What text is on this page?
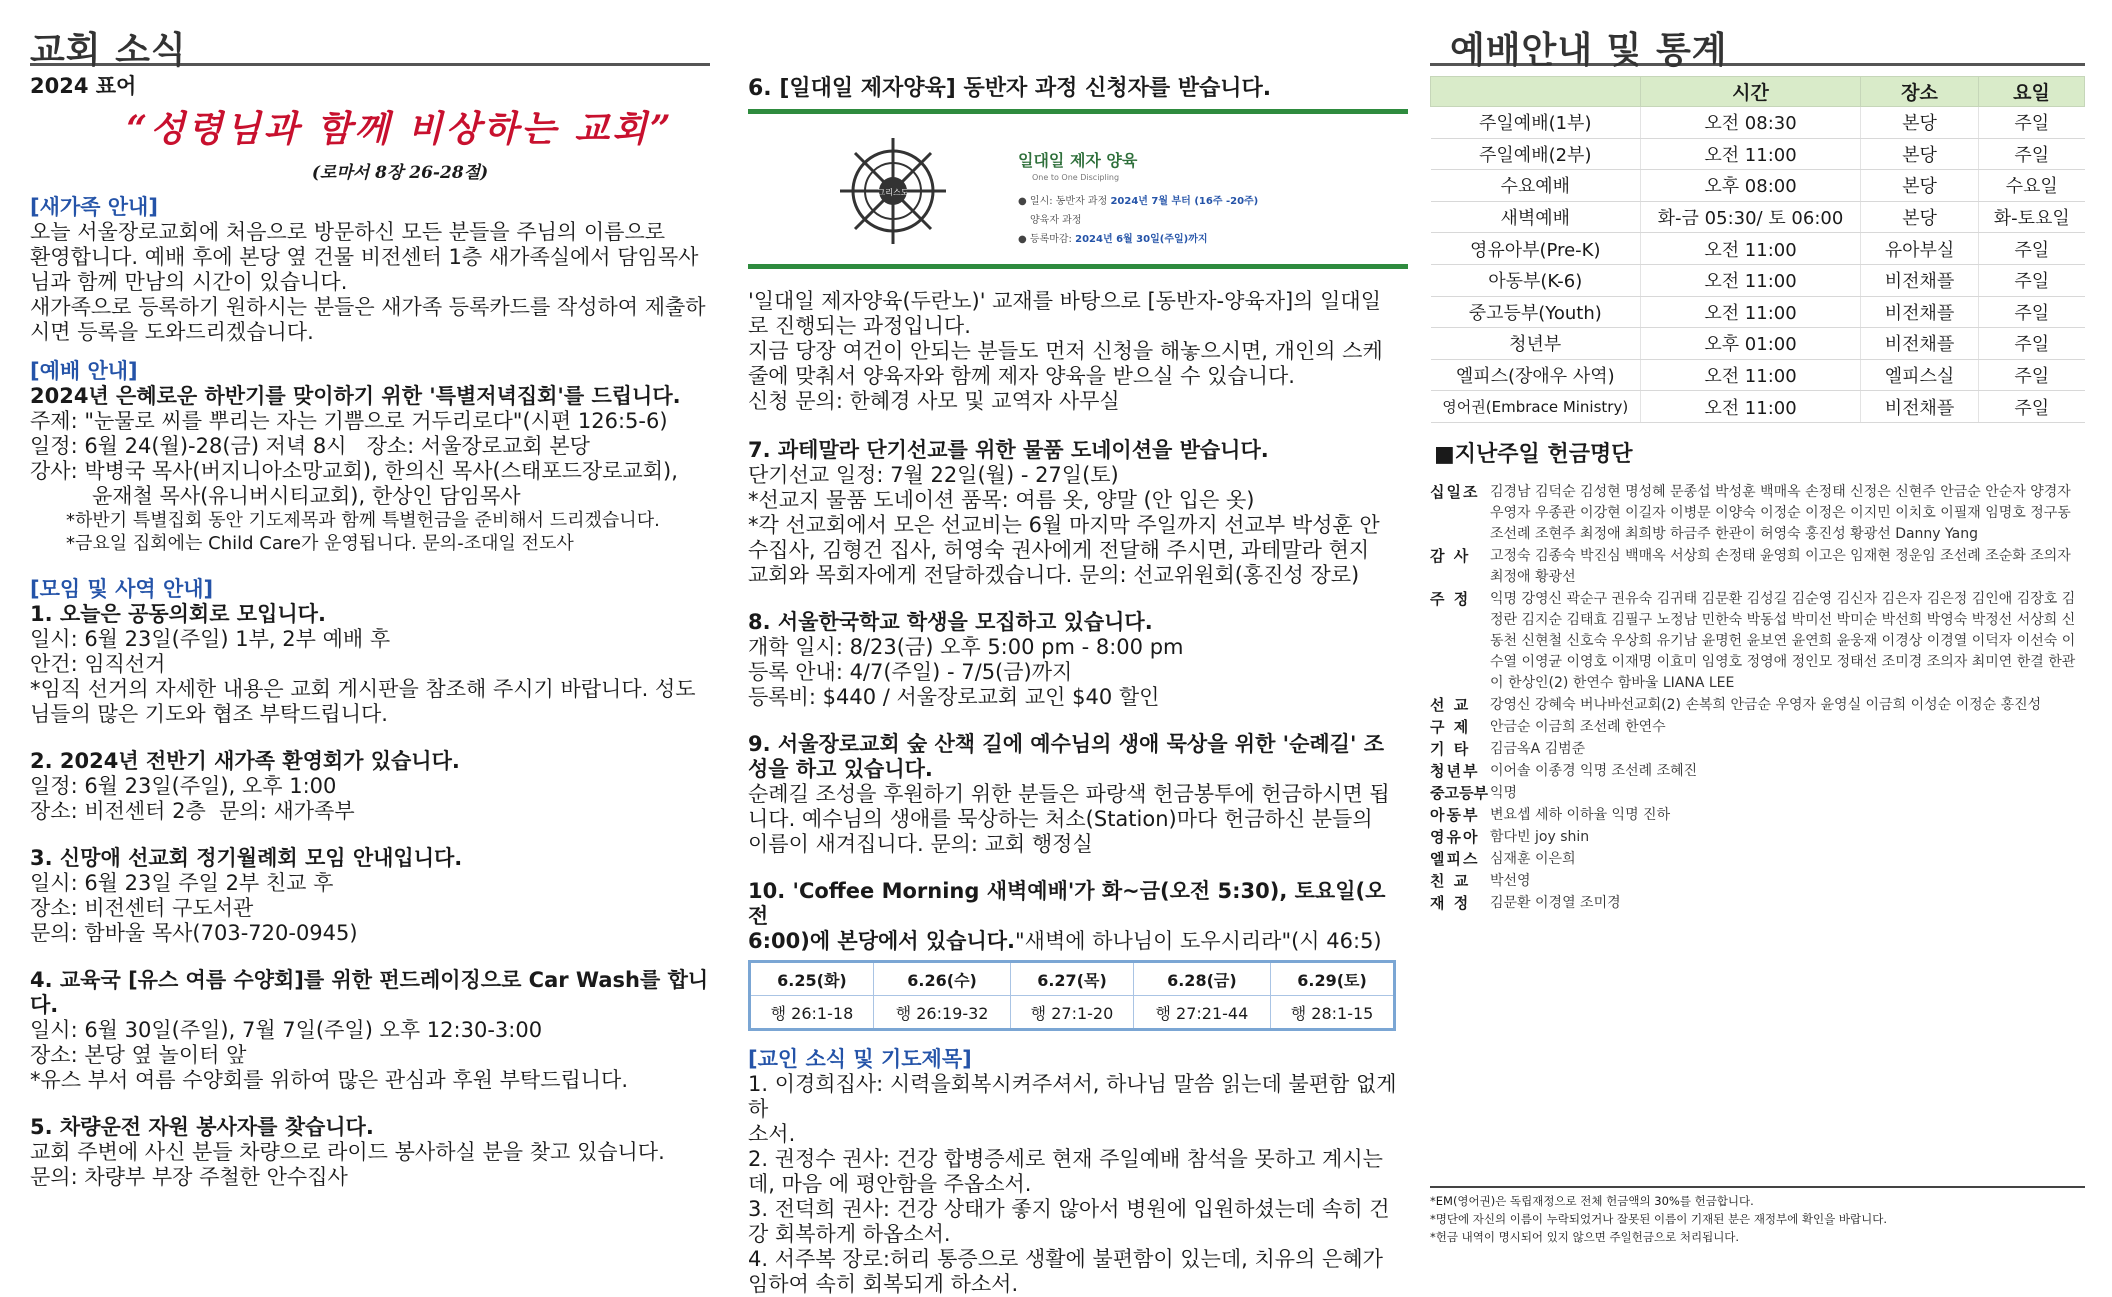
교회 소식
2024 표어
“성령님과 함께 비상하는 교회”
(로마서 8장 26-28절)
[새가족 안내]
오늘 서울장로교회에 처음으로 방문하신 모든 분들을 주님의 이름으로
환영합니다. 예배 후에 본당 옆 건물 비전센터 1층 새가족실에서 담임목사
님과 함께 만남의 시간이 있습니다.
새가족으로 등록하기 원하시는 분들은 새가족 등록카드를 작성하여 제출하
시면 등록을 도와드리겠습니다.
[예배 안내]
2024년 은혜로운 하반기를 맞이하기 위한 '특별저녁집회'를 드립니다.
주제: "눈물로 씨를 뿌리는 자는 기쁨으로 거두리로다"(시편 126:5-6)
일정: 6월 24(월)-28(금) 저녁 8시   장소: 서울장로교회 본당
강사: 박병국 목사(버지니아소망교회), 한의신 목사(스태포드장로교회),
윤재철 목사(유니버시티교회), 한상인 담임목사
*하반기 특별집회 동안 기도제목과 함께 특별헌금을 준비해서 드리겠습니다.
*금요일 집회에는 Child Care가 운영됩니다. 문의-조대일 전도사
[모임 및 사역 안내]
1. 오늘은 공동의회로 모입니다.
일시: 6월 23일(주일) 1부, 2부 예배 후
안건: 임직선거
*임직 선거의 자세한 내용은 교회 게시판을 참조해 주시기 바랍니다. 성도
님들의 많은 기도와 협조 부탁드립니다.
2. 2024년 전반기 새가족 환영회가 있습니다.
일정: 6월 23일(주일), 오후 1:00
장소: 비전센터 2층  문의: 새가족부
3. 신망애 선교회 정기월례회 모임 안내입니다.
일시: 6월 23일 주일 2부 친교 후
장소: 비전센터 구도서관
문의: 함바울 목사(703-720-0945)
4. 교육국 [유스 여름 수양회]를 위한 펀드레이징으로 Car Wash를 합니
다.
일시: 6월 30일(주일), 7월 7일(주일) 오후 12:30-3:00
장소: 본당 옆 놀이터 앞
*유스 부서 여름 수양회를 위하여 많은 관심과 후원 부탁드립니다.
5. 차량운전 자원 봉사자를 찾습니다.
교회 주변에 사신 분들 차량으로 라이드 봉사하실 분을 찾고 있습니다.
문의: 차량부 부장 주철한 안수집사
6. [일대일 제자양육] 동반자 과정 신청자를 받습니다.
그리스도
일대일 제자 양육
One to One Discipling
● 일시: 동반자 과정 2024년 7월 부터 (16주 -20주)
양육자 과정
● 등록마감: 2024년 6월 30일(주일)까지
'일대일 제자양육(두란노)' 교재를 바탕으로 [동반자-양육자]의 일대일
로 진행되는 과정입니다.
지금 당장 여건이 안되는 분들도 먼저 신청을 해놓으시면, 개인의 스케
줄에 맞춰서 양육자와 함께 제자 양육을 받으실 수 있습니다.
신청 문의: 한혜경 사모 및 교역자 사무실
7. 과테말라 단기선교를 위한 물품 도네이션을 받습니다.
단기선교 일정: 7월 22일(월) - 27일(토)
*선교지 물품 도네이션 품목: 여름 옷, 양말 (안 입은 옷)
*각 선교회에서 모은 선교비는 6월 마지막 주일까지 선교부 박성훈 안
수집사, 김형건 집사, 허영숙 권사에게 전달해 주시면, 과테말라 현지
교회와 목회자에게 전달하겠습니다. 문의: 선교위원회(홍진성 장로)
8. 서울한국학교 학생을 모집하고 있습니다.
개학 일시: 8/23(금) 오후 5:00 pm - 8:00 pm
등록 안내: 4/7(주일) - 7/5(금)까지
등록비: $440 / 서울장로교회 교인 $40 할인
9. 서울장로교회 숲 산책 길에 예수님의 생애 묵상을 위한 '순례길' 조
성을 하고 있습니다.
순례길 조성을 후원하기 위한 분들은 파랑색 헌금봉투에 헌금하시면 됩
니다. 예수님의 생애를 묵상하는 처소(Station)마다 헌금하신 분들의
이름이 새겨집니다. 문의: 교회 행정실
10. 'Coffee Morning 새벽예배'가 화~금(오전 5:30), 토요일(오전
6:00)에 본당에서 있습니다."새벽에 하나님이 도우시리라"(시 46:5)
6.25(화)	6.26(수)	6.27(목)	6.28(금)	6.29(토)
행 26:1-18	행 26:19-32	행 27:1-20	행 27:21-44	행 28:1-15
[교인 소식 및 기도제목]
1. 이경희집사: 시력을회복시켜주셔서, 하나님 말씀 읽는데 불편함 없게 하
소서.
2. 권정수 권사: 건강 합병증세로 현재 주일예배 참석을 못하고 계시는
데, 마음 에 평안함을 주옵소서.
3. 전덕희 권사: 건강 상태가 좋지 않아서 병원에 입원하셨는데 속히 건
강 회복하게 하옵소서.
4. 서주복 장로:허리 통증으로 생활에 불편함이 있는데, 치유의 은혜가
임하여 속히 회복되게 하소서.
예배안내 및 통계
	시간	장소	요일
주일예배(1부)	오전 08:30	본당	주일
주일예배(2부)	오전 11:00	본당	주일
수요예배	오후 08:00	본당	수요일
새벽예배	화-금 05:30/ 토 06:00	본당	화-토요일
영유아부(Pre-K)	오전 11:00	유아부실	주일
아동부(K-6)	오전 11:00	비전채플	주일
중고등부(Youth)	오전 11:00	비전채플	주일
청년부	오후 01:00	비전채플	주일
엘피스(장애우 사역)	오전 11:00	엘피스실	주일
영어권(Embrace Ministry)	오전 11:00	비전채플	주일
■지난주일 헌금명단
십일조 김경남 김덕순 김성현 명성혜 문종섭 박성훈 백매옥 손정태 신정은 신현주 안금순 안순자 양경자 우영자 우종관 이강현 이길자 이병문 이양숙 이정순 이정은 이지민 이치호 이필재 임명호 정구동 조선례 조현주 최정애 최희방 하금주 한관이 허영숙 홍진성 황광선 Danny Yang
감 사	고정숙 김종숙 박진심 백매옥 서상희 손정태 윤영희 이고은 임재현 정운임 조선례 조순화 조의자 최정애 황광선
주 정	익명 강영신 곽순구 권유숙 김귀태 김문환 김성길 김순영 김신자 김은자 김은정 김인애 김장호 김정란 김지순 김태효 김필구 노정남 민한숙 박동섭 박미선 박미순 박선희 박영숙 박정선 서상희 신동천 신현철 신호숙 우상희 유기남 윤명헌 윤보연 윤연희 윤웅재 이경상 이경열 이덕자 이선숙 이수열 이영균 이영호 이재명 이효미 임영호 정영애 정인모 정태선 조미경 조의자 최미연 한결 한관이 한상인(2) 한연수 함바울 LIANA LEE
선 교	강영신 강혜숙 버나바선교회(2) 손복희 안금순 우영자 윤영실 이금희 이성순 이정순 홍진성
구 제	안금순 이금희 조선례 한연수
기 타	김금옥A 김범준
청년부 이어솔 이종경 익명 조선례 조혜진
중고등부 익명
아동부 변요셉 세하 이하율 익명 진하
영유아 함다빈 joy shin
엘피스 심재훈 이은희
친 교	박선영
재 정	김문환 이경열 조미경
*EM(영어권)은 독립재정으로 전체 헌금액의 30%를 헌금합니다.
*명단에 자신의 이름이 누락되었거나 잘못된 이름이 기재된 분은 재정부에 확인을 바랍니다.
*헌금 내역이 명시되어 있지 않으면 주일헌금으로 처리됩니다.
